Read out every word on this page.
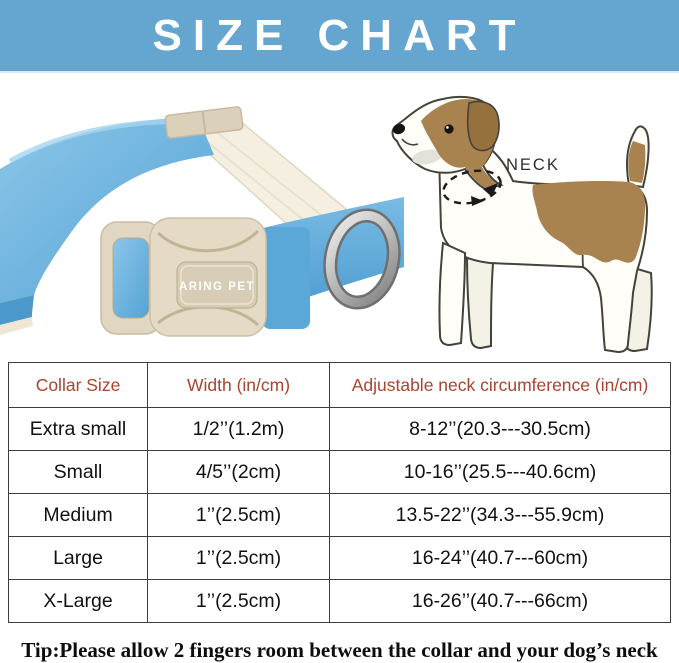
SIZE CHART
ARING PET
NECK
Collar Size	Width (in/cm)	Adjustable neck circumference (in/cm)
Extra small	1/2’’(1.2m)	8-12’’(20.3---30.5cm)
Small	4/5’’(2cm)	10-16’’(25.5---40.6cm)
Medium	1’’(2.5cm)	13.5-22’’(34.3---55.9cm)
Large	1’’(2.5cm)	16-24’’(40.7---60cm)
X-Large	1’’(2.5cm)	16-26’’(40.7---66cm)
Tip:Please allow 2 fingers room between the collar and your dog’s neck
